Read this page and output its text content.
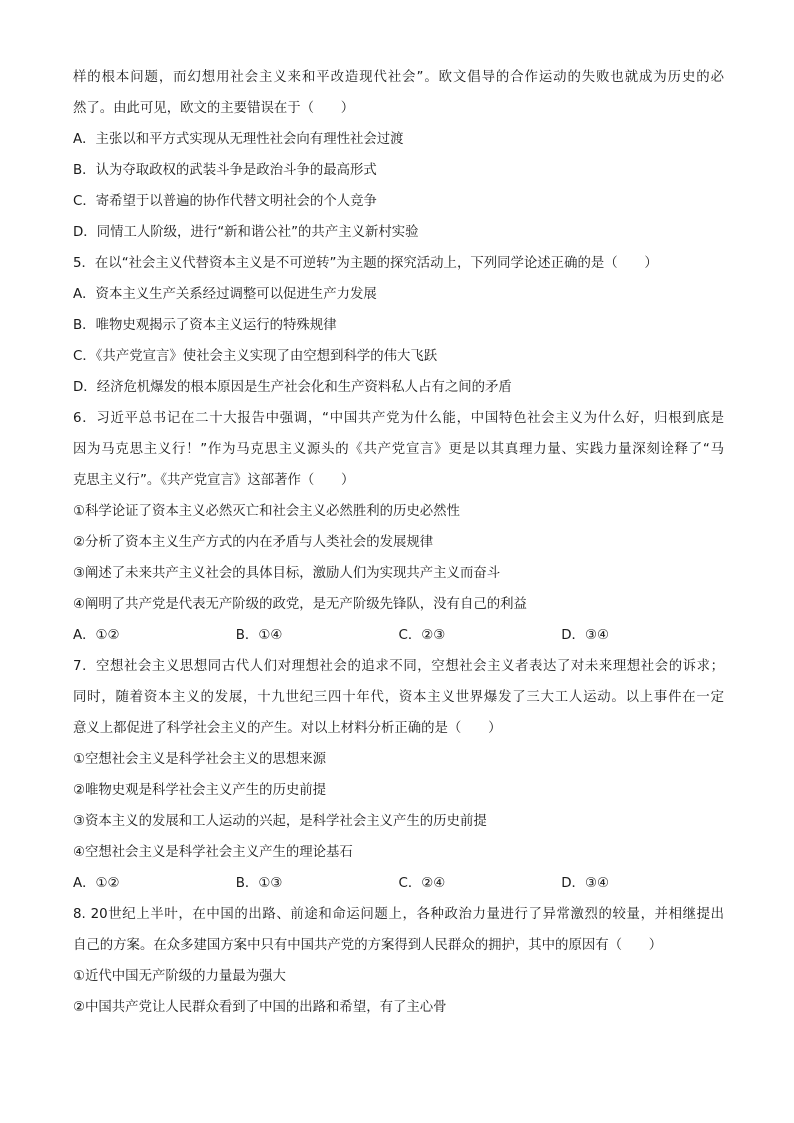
样的根本问题，而幻想用社会主义来和平改造现代社会”。欧文倡导的合作运动的失败也就成为历史的必
然了。由此可见，欧文的主要错误在于（　　）
A．主张以和平方式实现从无理性社会向有理性社会过渡
B．认为夺取政权的武装斗争是政治斗争的最高形式
C．寄希望于以普遍的协作代替文明社会的个人竞争
D．同情工人阶级，进行“新和谐公社”的共产主义新村实验
5．在以“社会主义代替资本主义是不可逆转”为主题的探究活动上，下列同学论述正确的是（　　）
A．资本主义生产关系经过调整可以促进生产力发展
B．唯物史观揭示了资本主义运行的特殊规律
C．《共产党宣言》使社会主义实现了由空想到科学的伟大飞跃
D．经济危机爆发的根本原因是生产社会化和生产资料私人占有之间的矛盾
6．习近平总书记在二十大报告中强调，“中国共产党为什么能，中国特色社会主义为什么好，归根到底是
因为马克思主义行！”作为马克思主义源头的《共产党宣言》更是以其真理力量、实践力量深刻诠释了“马
克思主义行”。《共产党宣言》这部著作（　　）
①科学论证了资本主义必然灭亡和社会主义必然胜利的历史必然性
②分析了资本主义生产方式的内在矛盾与人类社会的发展规律
③阐述了未来共产主义社会的具体目标，激励人们为实现共产主义而奋斗
④阐明了共产党是代表无产阶级的政党，是无产阶级先锋队，没有自己的利益
A．①②	B．①④	C．②③	D．③④
7．空想社会主义思想同古代人们对理想社会的追求不同，空想社会主义者表达了对未来理想社会的诉求；
同时，随着资本主义的发展，十九世纪三四十年代，资本主义世界爆发了三大工人运动。以上事件在一定
意义上都促进了科学社会主义的产生。对以上材料分析正确的是（　　）
①空想社会主义是科学社会主义的思想来源
②唯物史观是科学社会主义产生的历史前提
③资本主义的发展和工人运动的兴起，是科学社会主义产生的历史前提
④空想社会主义是科学社会主义产生的理论基石
A．①②	B．①③	C．②④	D．③④
8. 20世纪上半叶，在中国的出路、前途和命运问题上，各种政治力量进行了异常激烈的较量，并相继提出
自己的方案。在众多建国方案中只有中国共产党的方案得到人民群众的拥护，其中的原因有（　　）
①近代中国无产阶级的力量最为强大
②中国共产党让人民群众看到了中国的出路和希望，有了主心骨
